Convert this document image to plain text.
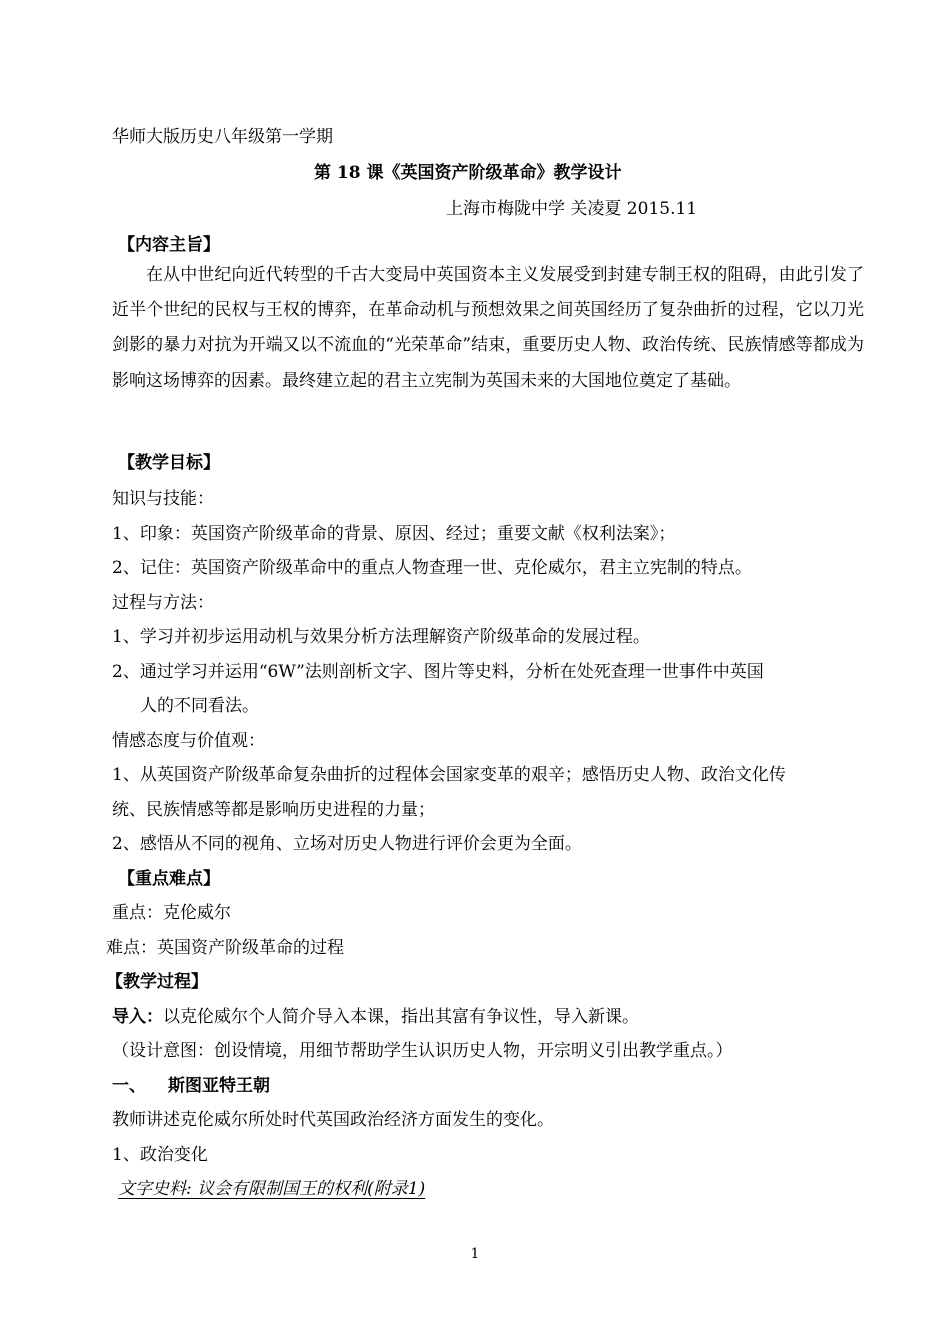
华师大版历史八年级第一学期
第 18 课《英国资产阶级革命》教学设计
上海市梅陇中学 关凌夏 2015.11
【内容主旨】
在从中世纪向近代转型的千古大变局中英国资本主义发展受到封建专制王权的阻碍，由此引发了近半个世纪的民权与王权的博弈，在革命动机与预想效果之间英国经历了复杂曲折的过程，它以刀光剑影的暴力对抗为开端又以不流血的“光荣革命”结束，重要历史人物、政治传统、民族情感等都成为影响这场博弈的因素。最终建立起的君主立宪制为英国未来的大国地位奠定了基础。
【教学目标】
知识与技能：
1、印象：英国资产阶级革命的背景、原因、经过；重要文献《权利法案》；
2、记住：英国资产阶级革命中的重点人物查理一世、克伦威尔，君主立宪制的特点。
过程与方法：
1、学习并初步运用动机与效果分析方法理解资产阶级革命的发展过程。
2、通过学习并运用“6W”法则剖析文字、图片等史料，分析在处死查理一世事件中英国
人的不同看法。
情感态度与价值观：
1、从英国资产阶级革命复杂曲折的过程体会国家变革的艰辛；感悟历史人物、政治文化传
统、民族情感等都是影响历史进程的力量；
2、感悟从不同的视角、立场对历史人物进行评价会更为全面。
【重点难点】
重点：克伦威尔
难点：英国资产阶级革命的过程
【教学过程】
导入：以克伦威尔个人简介导入本课，指出其富有争议性，导入新课。
（设计意图：创设情境，用细节帮助学生认识历史人物，开宗明义引出教学重点。）
一、 斯图亚特王朝
教师讲述克伦威尔所处时代英国政治经济方面发生的变化。
1、政治变化
文字史料: 议会有限制国王的权利(附录1)
1
